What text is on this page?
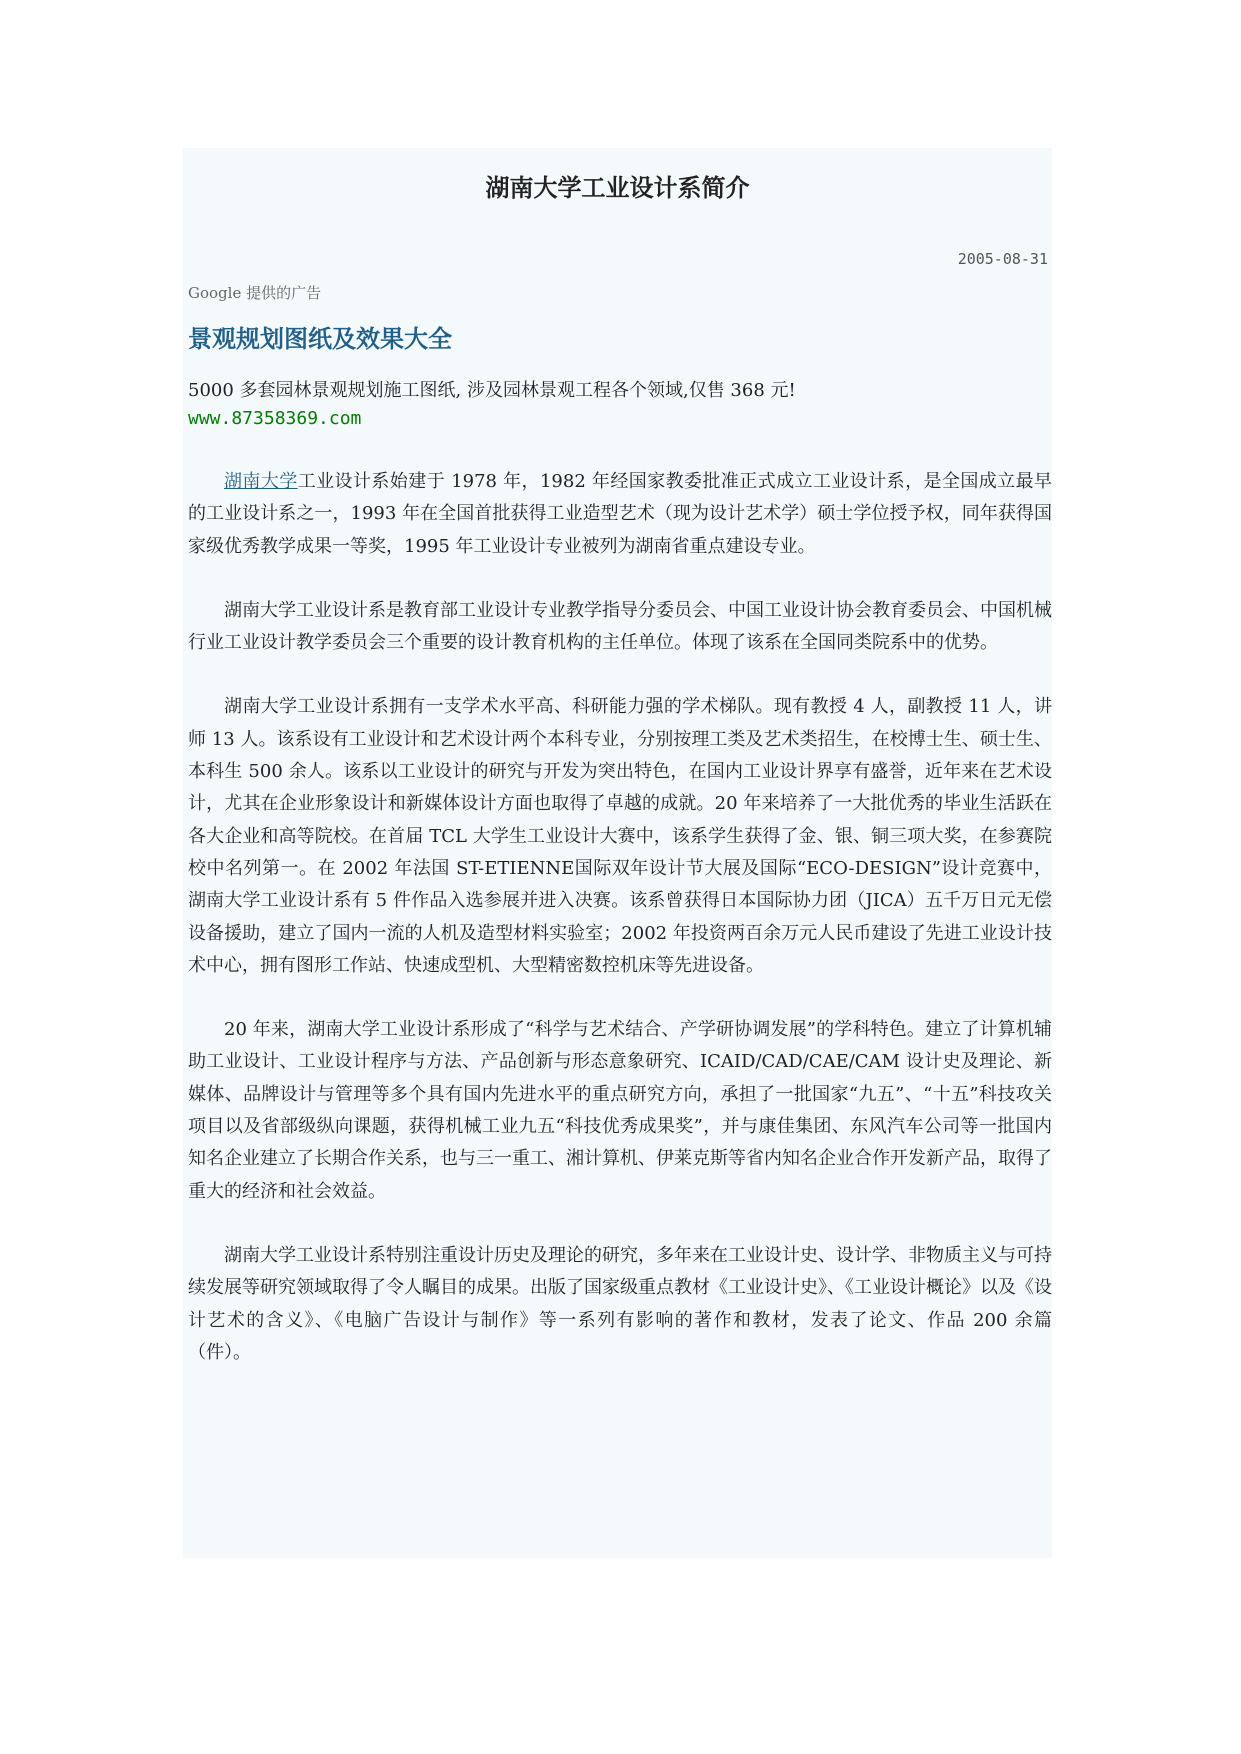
湖南大学工业设计系简介
2005-08-31
Google 提供的广告
景观规划图纸及效果大全
5000 多套园林景观规划施工图纸, 涉及园林景观工程各个领域,仅售 368 元!
www.87358369.com

湖南大学工业设计系始建于 1978 年，1982 年经国家教委批准正式成立工业设计系，是全国成立最早的工业设计系之一，1993 年在全国首批获得工业造型艺术（现为设计艺术学）硕士学位授予权，同年获得国家级优秀教学成果一等奖，1995 年工业设计专业被列为湖南省重点建设专业。

湖南大学工业设计系是教育部工业设计专业教学指导分委员会、中国工业设计协会教育委员会、中国机械行业工业设计教学委员会三个重要的设计教育机构的主任单位。体现了该系在全国同类院系中的优势。

湖南大学工业设计系拥有一支学术水平高、科研能力强的学术梯队。现有教授 4 人，副教授 11 人，讲师 13 人。该系设有工业设计和艺术设计两个本科专业，分别按理工类及艺术类招生，在校博士生、硕士生、本科生 500 余人。该系以工业设计的研究与开发为突出特色，在国内工业设计界享有盛誉，近年来在艺术设计，尤其在企业形象设计和新媒体设计方面也取得了卓越的成就。20 年来培养了一大批优秀的毕业生活跃在各大企业和高等院校。在首届 TCL 大学生工业设计大赛中，该系学生获得了金、银、铜三项大奖，在参赛院校中名列第一。在 2002 年法国 ST-ETIENNE国际双年设计节大展及国际“ECO-DESIGN”设计竞赛中，湖南大学工业设计系有 5 件作品入选参展并进入决赛。该系曾获得日本国际协力团（JICA）五千万日元无偿设备援助，建立了国内一流的人机及造型材料实验室；2002 年投资两百余万元人民币建设了先进工业设计技术中心，拥有图形工作站、快速成型机、大型精密数控机床等先进设备。

20 年来，湖南大学工业设计系形成了“科学与艺术结合、产学研协调发展”的学科特色。建立了计算机辅助工业设计、工业设计程序与方法、产品创新与形态意象研究、ICAID/CAD/CAE/CAM 设计史及理论、新媒体、品牌设计与管理等多个具有国内先进水平的重点研究方向，承担了一批国家“九五”、“十五”科技攻关项目以及省部级纵向课题，获得机械工业九五“科技优秀成果奖”，并与康佳集团、东风汽车公司等一批国内知名企业建立了长期合作关系，也与三一重工、湘计算机、伊莱克斯等省内知名企业合作开发新产品，取得了重大的经济和社会效益。

湖南大学工业设计系特别注重设计历史及理论的研究，多年来在工业设计史、设计学、非物质主义与可持续发展等研究领域取得了令人瞩目的成果。出版了国家级重点教材《工业设计史》、《工业设计概论》以及《设计艺术的含义》、《电脑广告设计与制作》等一系列有影响的著作和教材，发表了论文、作品 200 余篇（件）。
